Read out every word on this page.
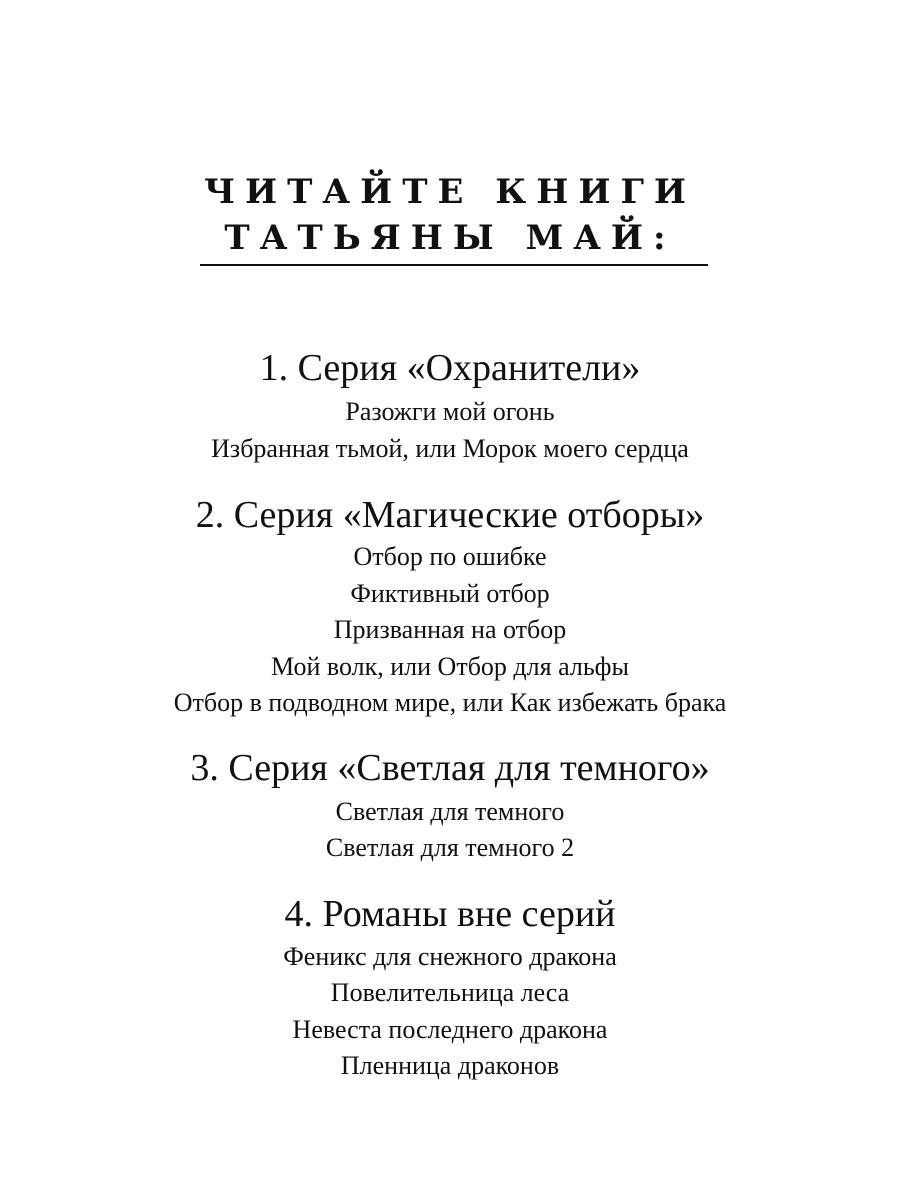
ЧИТАЙТЕ КНИГИ
ТАТЬЯНЫ МАЙ:
1. Серия «Охранители»
Разожги мой огонь
Избранная тьмой, или Морок моего сердца
2. Серия «Магические отборы»
Отбор по ошибке
Фиктивный отбор
Призванная на отбор
Мой волк, или Отбор для альфы
Отбор в подводном мире, или Как избежать брака
3. Серия «Светлая для темного»
Светлая для темного
Светлая для темного 2
4. Романы вне серий
Феникс для снежного дракона
Повелительница леса
Невеста последнего дракона
Пленница драконов
